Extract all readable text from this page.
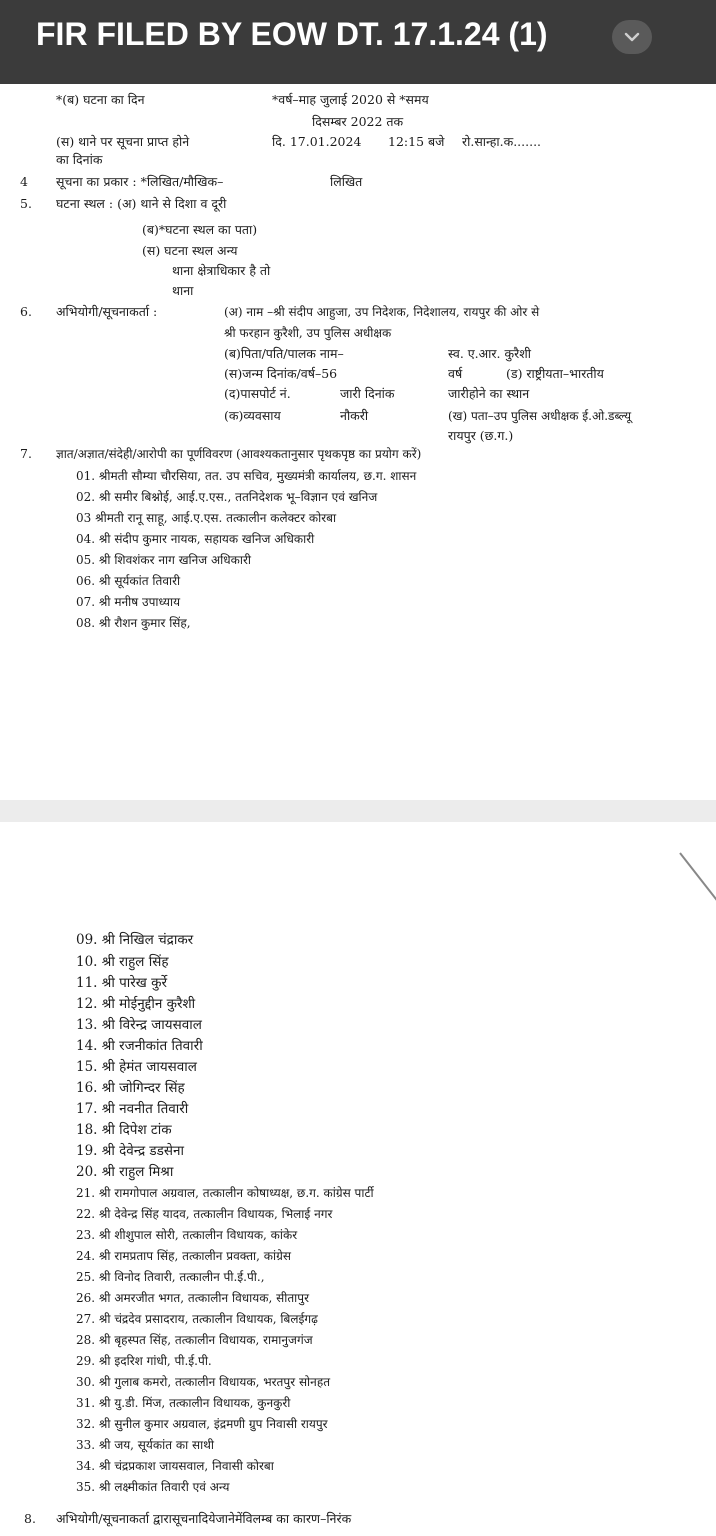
FIR FILED BY EOW DT. 17.1.24 (1)
*(ब) घटना का दिन	*वर्ष–माह जुलाई 2020 से *समय
दिसम्बर 2022 तक
(स) थाने पर सूचना प्राप्त होने	दि. 17.01.2024 12:15 बजे रो.सान्हा.क.......
का दिनांक
4 सूचना का प्रकार : *लिखित/मौखिक–	लिखित
5. घटना स्थल : (अ) थाने से दिशा व दूरी
(ब)*घटना स्थल का पता)
(स) घटना स्थल अन्य
थाना क्षेत्राधिकार है तो
थाना
6. अभियोगी/सूचनाकर्ता :	(अ) नाम –श्री संदीप आहुजा, उप निदेशक, निदेशालय, रायपुर की ओर से
श्री फरहान कुरैशी, उप पुलिस अधीक्षक
(ब)पिता/पति/पालक नाम–	स्व. ए.आर. कुरैशी
(स)जन्म दिनांक/वर्ष–56	वर्ष	(ड) राष्ट्रीयता–भारतीय
(द)पासपोर्ट नं.	जारी दिनांक	जारीहोने का स्थान
(क)व्यवसाय	नौकरी	(ख) पता–उप पुलिस अधीक्षक ई.ओ.डब्ल्यू
रायपुर (छ.ग.)
7. ज्ञात/अज्ञात/संदेही/आरोपी का पूर्णविवरण (आवश्यकतानुसार पृथकपृष्ठ का प्रयोग करें)
01. श्रीमती सौम्या चौरसिया, तत. उप सचिव, मुख्यमंत्री कार्यालय, छ.ग. शासन
02. श्री समीर बिश्नोई, आई.ए.एस., ततनिदेशक भू–विज्ञान एवं खनिज
03 श्रीमती रानू साहू, आई.ए.एस. तत्कालीन कलेक्टर कोरबा
04. श्री संदीप कुमार नायक, सहायक खनिज अधिकारी
05. श्री शिवशंकर नाग खनिज अधिकारी
06. श्री सूर्यकांत तिवारी
07. श्री मनीष उपाध्याय
08. श्री रौशन कुमार सिंह,
09. श्री निखिल चंद्राकर
10. श्री राहुल सिंह
11. श्री पारेख कुर्रे
12. श्री मोईनुद्दीन कुरैशी
13. श्री विरेन्द्र जायसवाल
14. श्री रजनीकांत तिवारी
15. श्री हेमंत जायसवाल
16. श्री जोगिन्दर सिंह
17. श्री नवनीत तिवारी
18. श्री दिपेश टांक
19. श्री देवेन्द्र डडसेना
20. श्री राहुल मिश्रा
21. श्री रामगोपाल अग्रवाल, तत्कालीन कोषाध्यक्ष, छ.ग. कांग्रेस पार्टी
22. श्री देवेन्द्र सिंह यादव, तत्कालीन विधायक, भिलाई नगर
23. श्री शीशुपाल सोरी, तत्कालीन विधायक, कांकेर
24. श्री रामप्रताप सिंह, तत्कालीन प्रवक्ता, कांग्रेस
25. श्री विनोद तिवारी, तत्कालीन पी.ई.पी.,
26. श्री अमरजीत भगत, तत्कालीन विधायक, सीतापुर
27. श्री चंद्रदेव प्रसादराय, तत्कालीन विधायक, बिलईगढ़
28. श्री बृहस्पत सिंह, तत्कालीन विधायक, रामानुजगंज
29. श्री इदरिश गांधी, पी.ई.पी.
30. श्री गुलाब कमरो, तत्कालीन विधायक, भरतपुर सोनहत
31. श्री यु.डी. मिंज, तत्कालीन विधायक, कुनकुरी
32. श्री सुनील कुमार अग्रवाल, इंद्रमणी ग्रुप निवासी रायपुर
33. श्री जय, सूर्यकांत का साथी
34. श्री चंद्रप्रकाश जायसवाल, निवासी कोरबा
35. श्री लक्ष्मीकांत तिवारी एवं अन्य
8. अभियोगी/सूचनाकर्ता द्वारासूचनादियेजानेमेंविलम्ब का कारण–निरंक
